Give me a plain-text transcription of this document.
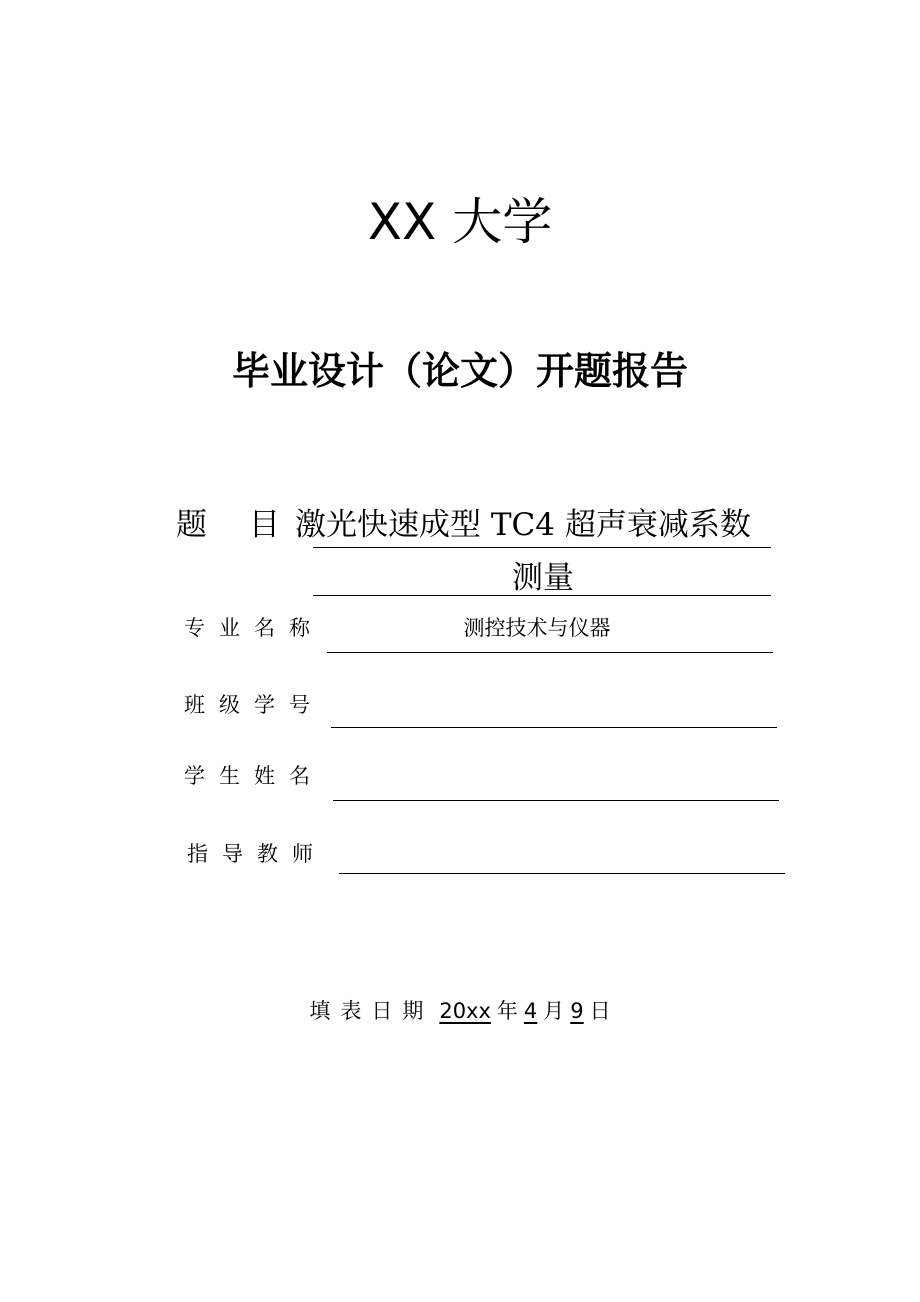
XX 大学
毕业设计（论文）开题报告
题 目 激光快速成型 TC4 超声衰减系数
测量
专业名称	测控技术与仪器
班级学号
学生姓名
指导教师
填表日期 20xx 年 4 月 9 日
